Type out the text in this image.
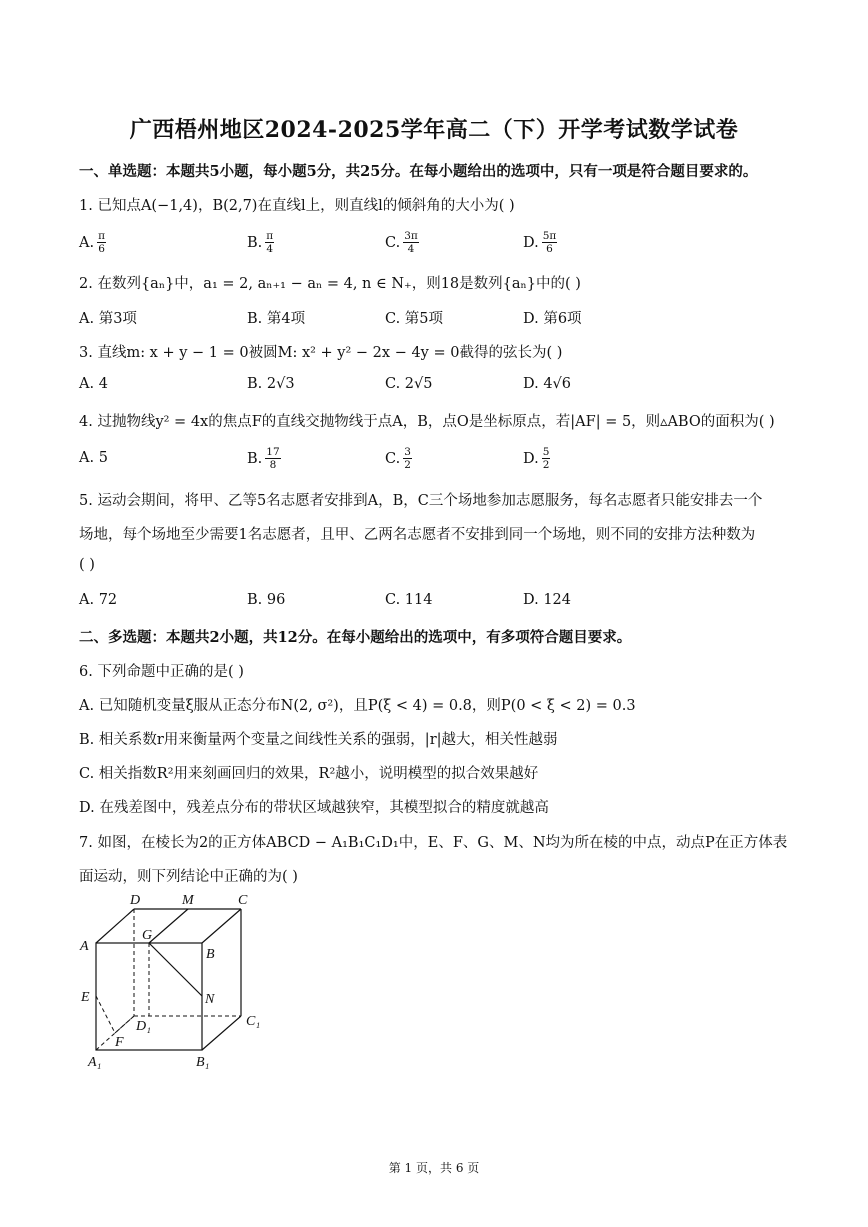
广西梧州地区2024-2025学年高二（下）开学考试数学试卷
一、单选题：本题共5小题，每小题5分，共25分。在每小题给出的选项中，只有一项是符合题目要求的。
1. 已知点A(−1,4)，B(2,7)在直线l上，则直线l的倾斜角的大小为( )
A. $\frac{\pi}{6}$	B. $\frac{\pi}{4}$	C. $\frac{3\pi}{4}$	D. $\frac{5\pi}{6}$
2. 在数列{aₙ}中，a₁ = 2, aₙ₊₁ − aₙ = 4, n ∈ N₊，则18是数列{aₙ}中的( )
A. 第3项	B. 第4项	C. 第5项	D. 第6项
3. 直线m: x + y − 1 = 0被圆M: x² + y² − 2x − 4y = 0截得的弦长为( )
A. 4	B. 2√3	C. 2√5	D. 4√6
4. 过抛物线y² = 4x的焦点F的直线交抛物线于点A，B，点O是坐标原点，若|AF| = 5，则▵ABO的面积为( )
A. 5	B. $\frac{17}{8}$	C. $\frac{3}{2}$	D. $\frac{5}{2}$
5. 运动会期间，将甲、乙等5名志愿者安排到A，B，C三个场地参加志愿服务，每名志愿者只能安排去一个
场地，每个场地至少需要1名志愿者，且甲、乙两名志愿者不安排到同一个场地，则不同的安排方法种数为
( )
A. 72	B. 96	C. 114	D. 124
二、多选题：本题共2小题，共12分。在每小题给出的选项中，有多项符合题目要求。
6. 下列命题中正确的是( )
A. 已知随机变量ξ服从正态分布N(2, σ²)，且P(ξ < 4) = 0.8，则P(0 < ξ < 2) = 0.3
B. 相关系数r用来衡量两个变量之间线性关系的强弱，|r|越大，相关性越弱
C. 相关指数R²用来刻画回归的效果，R²越小，说明模型的拟合效果越好
D. 在残差图中，残差点分布的带状区域越狭窄，其模型拟合的精度就越高
7. 如图，在棱长为2的正方体ABCD − A₁B₁C₁D₁中，E、F、G、M、N均为所在棱的中点，动点P在正方体表
面运动，则下列结论中正确的为( )
D	M	C
A
G
B
E	N
D₁	C₁
F
A₁	B₁
第 1 页，共 6 页
